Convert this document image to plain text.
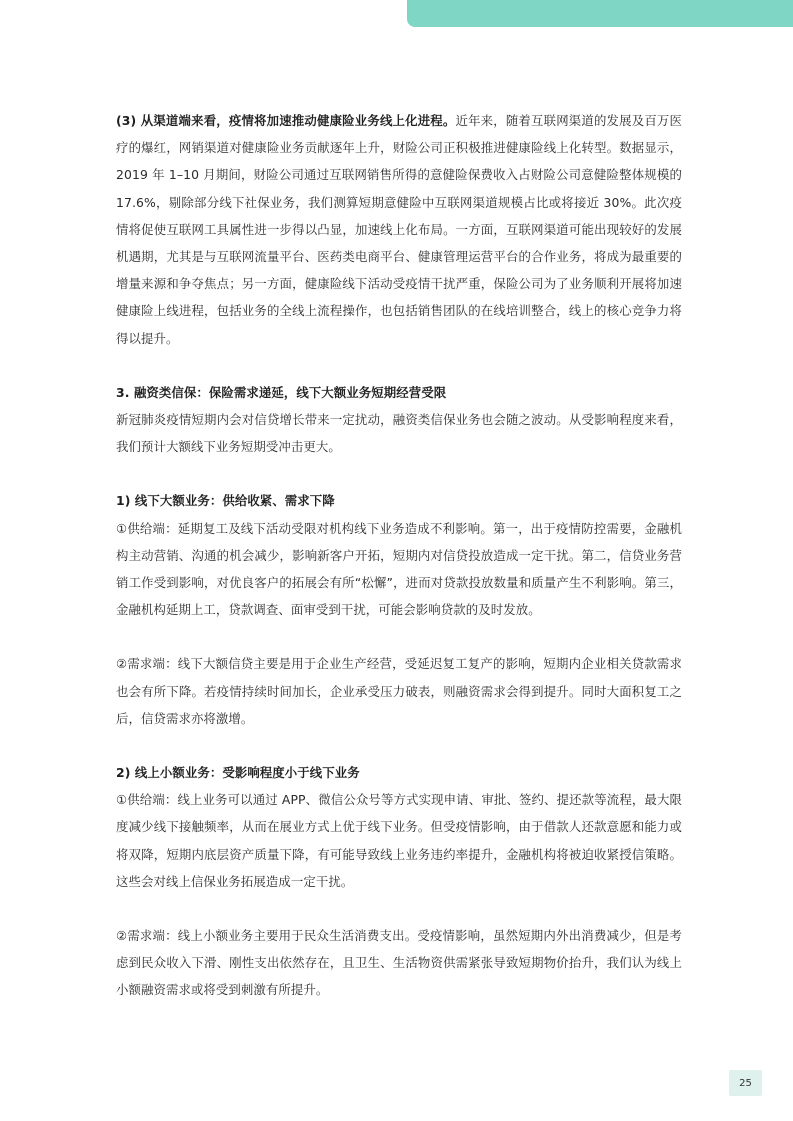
(3) 从渠道端来看，疫情将加速推动健康险业务线上化进程。近年来，随着互联网渠道的发展及百万医疗的爆红，网销渠道对健康险业务贡献逐年上升，财险公司正积极推进健康险线上化转型。数据显示，2019 年 1–10 月期间，财险公司通过互联网销售所得的意健险保费收入占财险公司意健险整体规模的 17.6%，剔除部分线下社保业务，我们测算短期意健险中互联网渠道规模占比或将接近 30%。此次疫情将促使互联网工具属性进一步得以凸显，加速线上化布局。一方面，互联网渠道可能出现较好的发展机遇期，尤其是与互联网流量平台、医药类电商平台、健康管理运营平台的合作业务，将成为最重要的增量来源和争夺焦点；另一方面，健康险线下活动受疫情干扰严重，保险公司为了业务顺利开展将加速健康险上线进程，包括业务的全线上流程操作，也包括销售团队的在线培训整合，线上的核心竞争力将得以提升。

3. 融资类信保：保险需求递延，线下大额业务短期经营受限

新冠肺炎疫情短期内会对信贷增长带来一定扰动，融资类信保业务也会随之波动。从受影响程度来看，我们预计大额线下业务短期受冲击更大。

1) 线下大额业务：供给收紧、需求下降

①供给端：延期复工及线下活动受限对机构线下业务造成不利影响。第一，出于疫情防控需要，金融机构主动营销、沟通的机会减少，影响新客户开拓，短期内对信贷投放造成一定干扰。第二，信贷业务营销工作受到影响，对优良客户的拓展会有所“松懈”，进而对贷款投放数量和质量产生不利影响。第三，金融机构延期上工，贷款调查、面审受到干扰，可能会影响贷款的及时发放。

②需求端：线下大额信贷主要是用于企业生产经营，受延迟复工复产的影响，短期内企业相关贷款需求也会有所下降。若疫情持续时间加长，企业承受压力破表，则融资需求会得到提升。同时大面积复工之后，信贷需求亦将激增。

2) 线上小额业务：受影响程度小于线下业务

①供给端：线上业务可以通过 APP、微信公众号等方式实现申请、审批、签约、提还款等流程，最大限度减少线下接触频率，从而在展业方式上优于线下业务。但受疫情影响，由于借款人还款意愿和能力或将双降，短期内底层资产质量下降，有可能导致线上业务违约率提升，金融机构将被迫收紧授信策略。这些会对线上信保业务拓展造成一定干扰。

②需求端：线上小额业务主要用于民众生活消费支出。受疫情影响，虽然短期内外出消费减少，但是考虑到民众收入下滑、刚性支出依然存在，且卫生、生活物资供需紧张导致短期物价抬升，我们认为线上小额融资需求或将受到刺激有所提升。

25
